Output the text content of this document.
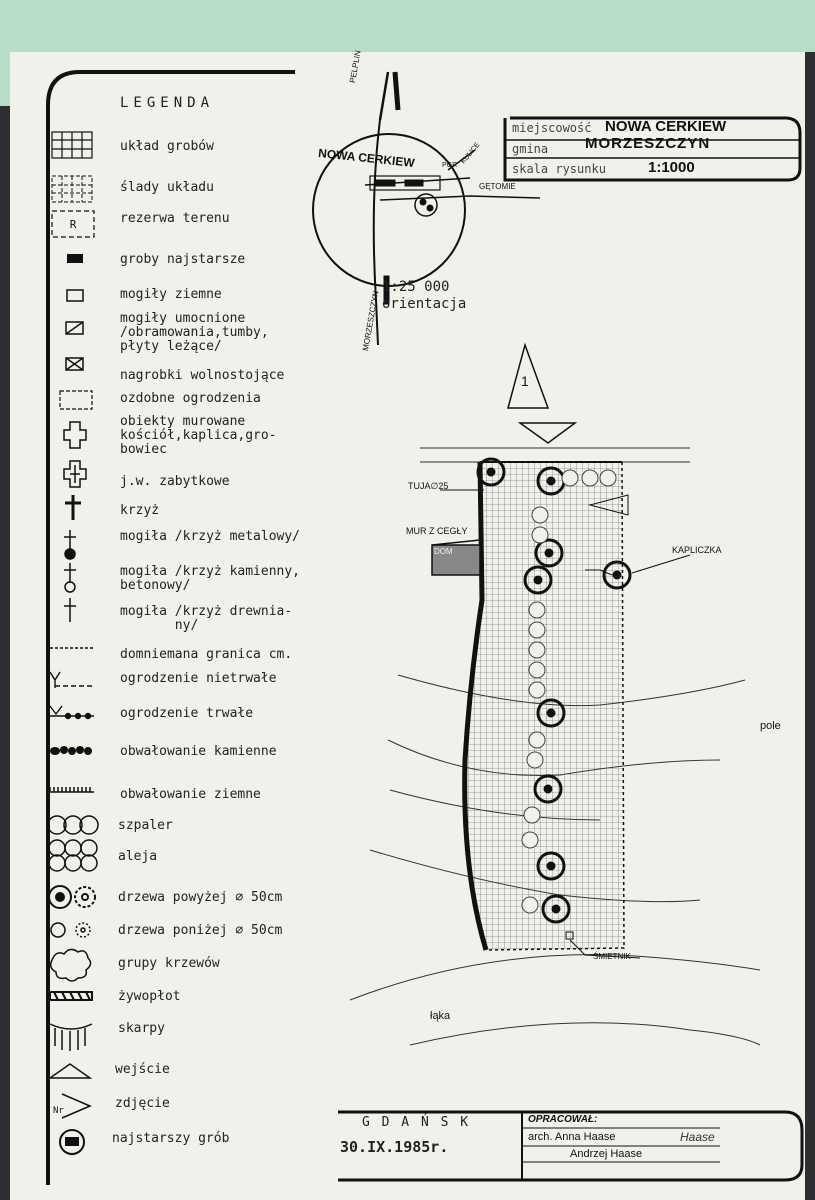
R
Nr
LEGENDA
układ grobów
ślady układu
rezerwa terenu
groby najstarsze
mogiły ziemne
mogiły umocnione
/obramowania,tumby,
płyty leżące/
nagrobki wolnostojące
ozdobne ogrodzenia
obiekty murowane
kościół,kaplica,gro-
bowiec
j.w. zabytkowe
krzyż
mogiła /krzyż metalowy/
mogiła /krzyż kamienny,
betonowy/
mogiła /krzyż drewnia-
ny/
domniemana granica cm.
ogrodzenie nietrwałe
ogrodzenie trwałe
obwałowanie kamienne
obwałowanie ziemne
szpaler
aleja
drzewa powyżej ∅ 50cm
drzewa poniżej ∅ 50cm
grupy krzewów
żywopłot
skarpy
wejście
zdjęcie
najstarszy grób
miejscowość NOWA CERKIEW
gmina MORZESZCZYN
skala rysunku	1:1000
NOWA CERKIEW
PELPLIN
MORZESZCZYN
GĘTOMIE
PGR
KULICE
1:25 000
orientacja
1
TUJA∅25
MUR Z CEGŁY
DOM	KAPLICZKA
pole
ŚMIETNIK
łąka
G D A Ń S K
30.IX.1985r.
OPRACOWAŁ:
arch. Anna Haase
Andrzej Haase
Haase
